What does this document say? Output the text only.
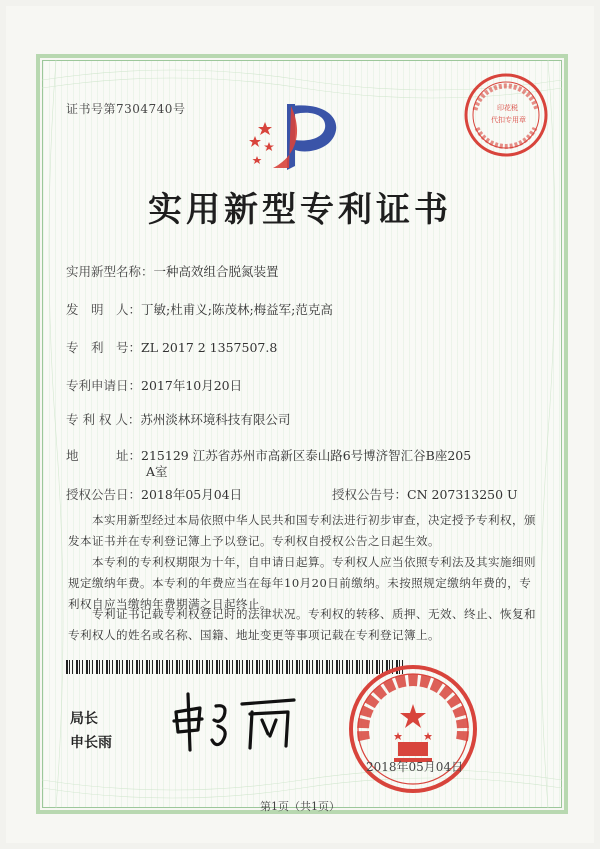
证书号第7304740号	印花税
代扣专用章
实用新型专利证书
实用新型名称：一种高效组合脱氮装置
发　明　人：丁敏;杜甫义;陈茂林;梅益军;范克高
专　利　号：ZL 2017 2 1357507.8
专利申请日：2017年10月20日
专 利 权 人：苏州淡林环境科技有限公司
地　　　址：215129 江苏省苏州市高新区泰山路6号博济智汇谷B座205
A室
授权公告日：2018年05月04日	授权公告号：CN 207313250 U
本实用新型经过本局依照中华人民共和国专利法进行初步审查，决定授予专利权，颁发本证书并在专利登记簿上予以登记。专利权自授权公告之日起生效。
本专利的专利权期限为十年，自申请日起算。专利权人应当依照专利法及其实施细则规定缴纳年费。本专利的年费应当在每年10月20日前缴纳。未按照规定缴纳年费的，专利权自应当缴纳年费期满之日起终止。
专利证书记载专利权登记时的法律状况。专利权的转移、质押、无效、终止、恢复和专利权人的姓名或名称、国籍、地址变更等事项记载在专利登记簿上。
局长
申长雨
2018年05月04日
第1页（共1页）
